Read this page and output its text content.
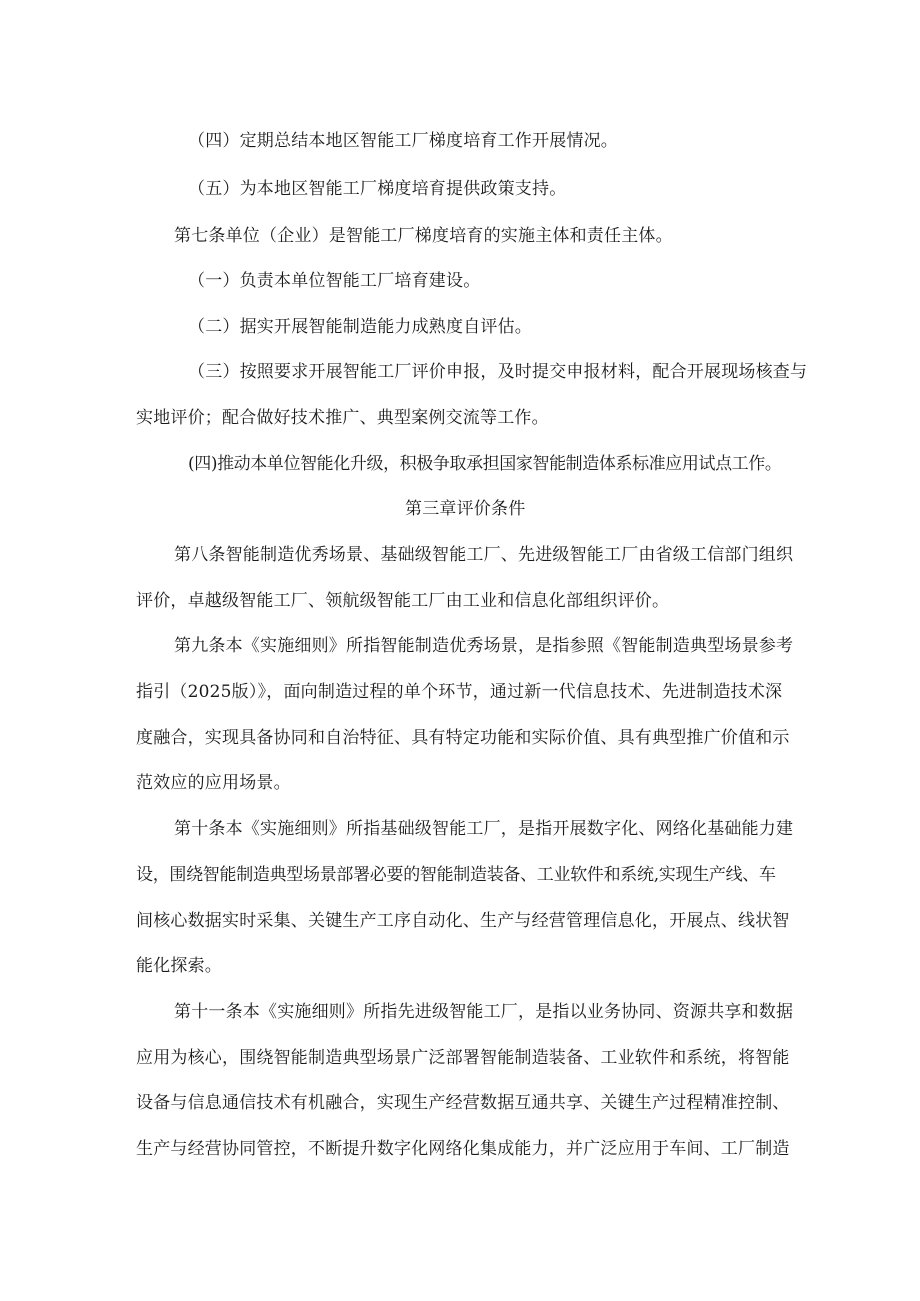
（四）定期总结本地区智能工厂梯度培育工作开展情况。
（五）为本地区智能工厂梯度培育提供政策支持。
第七条单位（企业）是智能工厂梯度培育的实施主体和责任主体。
（一）负责本单位智能工厂培育建设。
（二）据实开展智能制造能力成熟度自评估。
（三）按照要求开展智能工厂评价申报，及时提交申报材料，配合开展现场核查与
实地评价；配合做好技术推广、典型案例交流等工作。
(四)推动本单位智能化升级，积极争取承担国家智能制造体系标准应用试点工作。
第三章评价条件
第八条智能制造优秀场景、基础级智能工厂、先进级智能工厂由省级工信部门组织
评价，卓越级智能工厂、领航级智能工厂由工业和信息化部组织评价。
第九条本《实施细则》所指智能制造优秀场景，是指参照《智能制造典型场景参考
指引（2025版）》，面向制造过程的单个环节，通过新一代信息技术、先进制造技术深
度融合，实现具备协同和自治特征、具有特定功能和实际价值、具有典型推广价值和示
范效应的应用场景。
第十条本《实施细则》所指基础级智能工厂，是指开展数字化、网络化基础能力建
设，围绕智能制造典型场景部署必要的智能制造装备、工业软件和系统,实现生产线、车
间核心数据实时采集、关键生产工序自动化、生产与经营管理信息化，开展点、线状智
能化探索。
第十一条本《实施细则》所指先进级智能工厂，是指以业务协同、资源共享和数据
应用为核心，围绕智能制造典型场景广泛部署智能制造装备、工业软件和系统，将智能
设备与信息通信技术有机融合，实现生产经营数据互通共享、关键生产过程精准控制、
生产与经营协同管控，不断提升数字化网络化集成能力，并广泛应用于车间、工厂制造
